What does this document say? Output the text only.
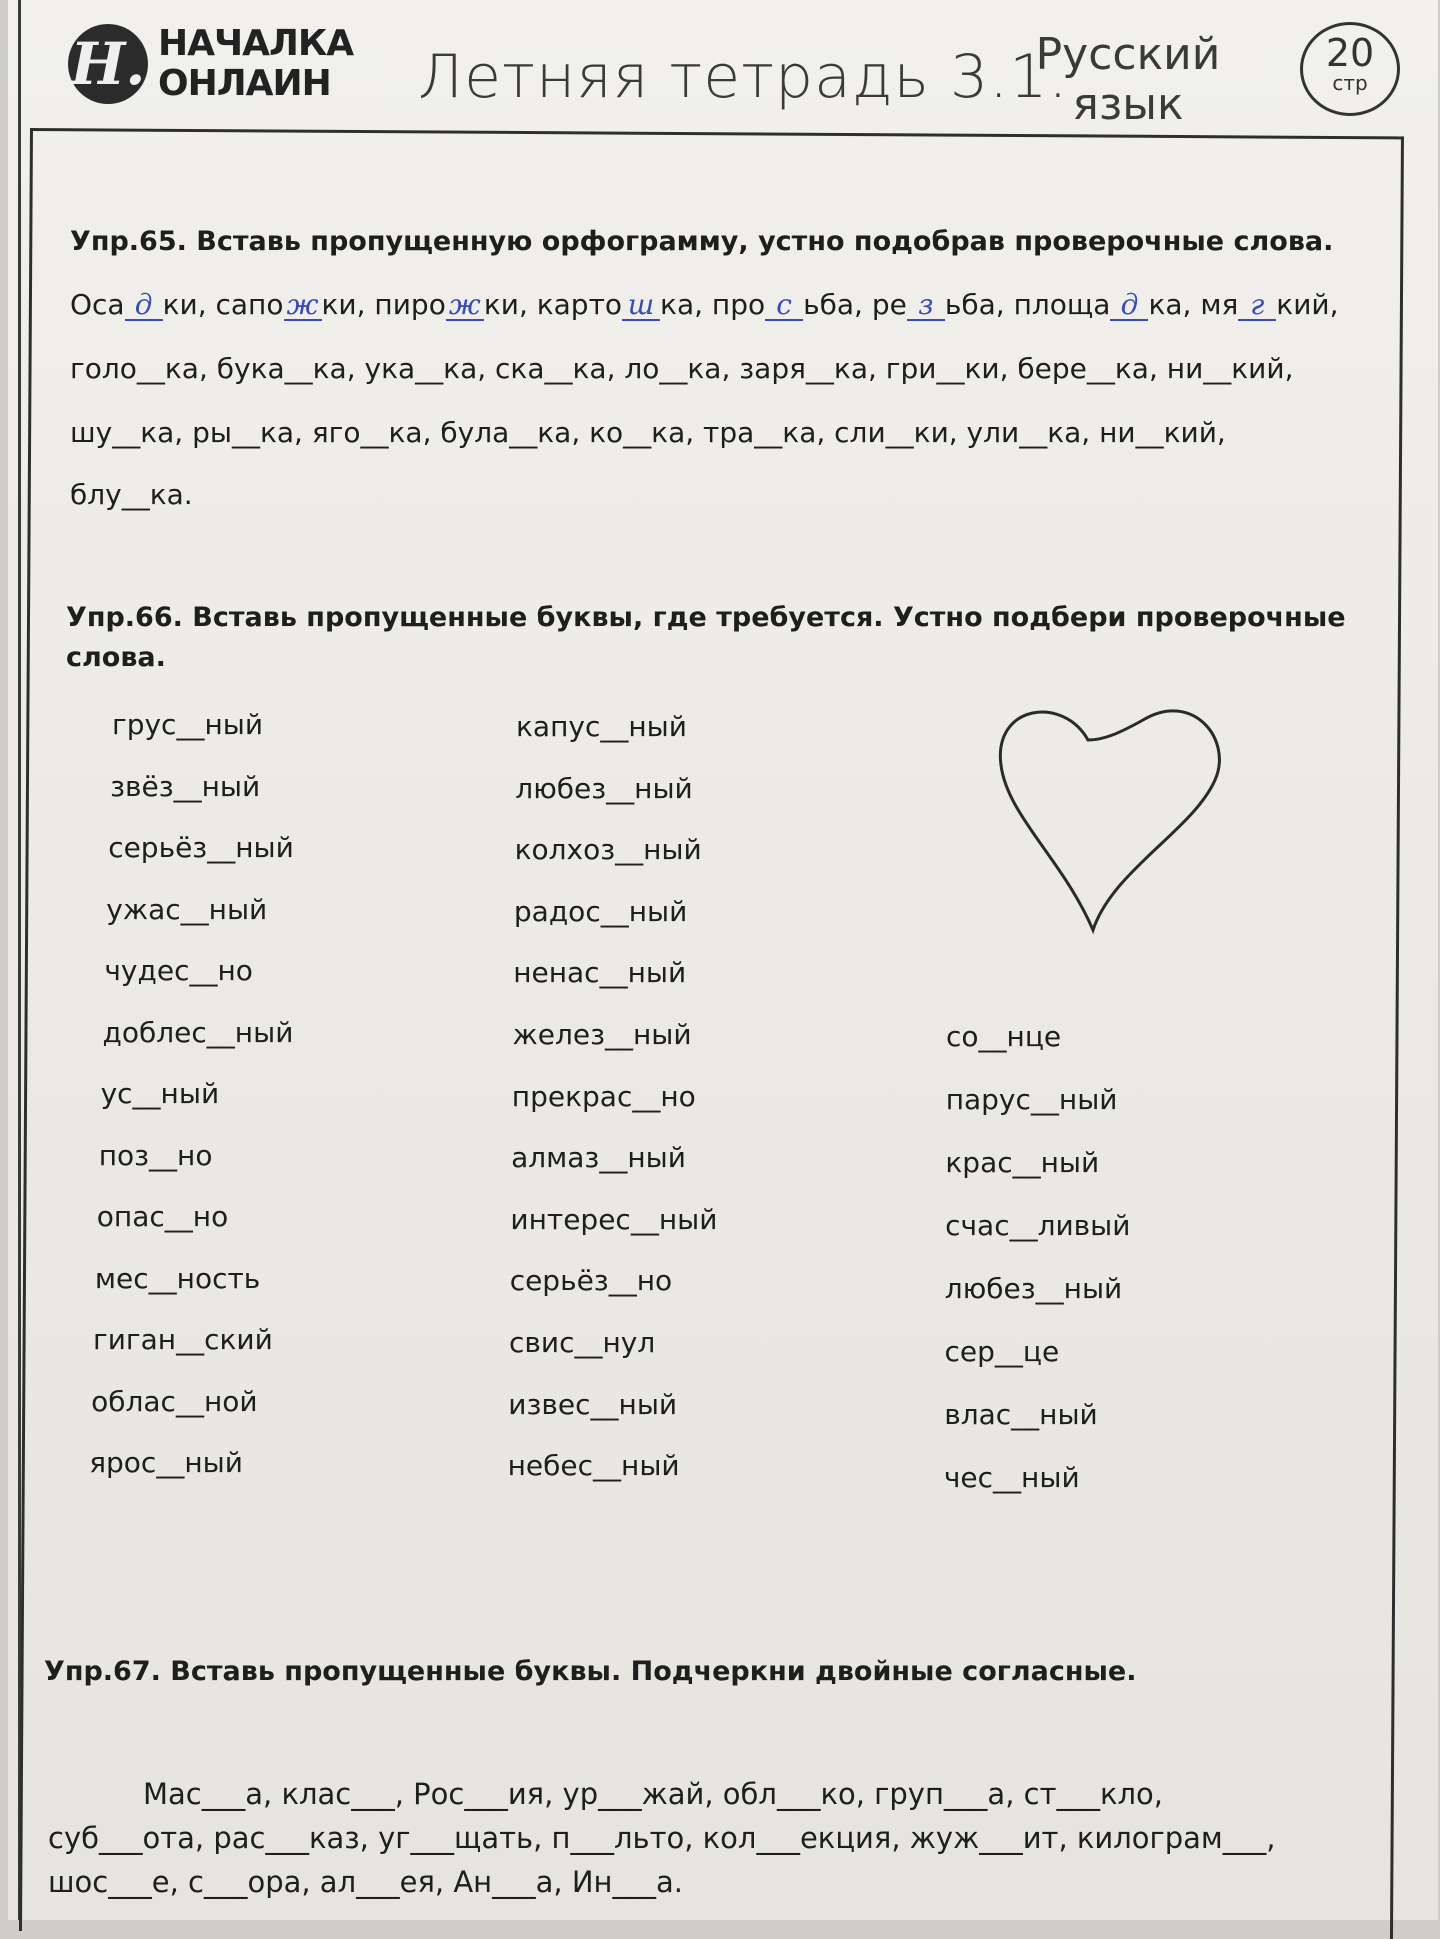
Н. НАЧАЛКА
ОНЛАИН	Летняя тетрадь 3.1.
Русский
язык
20
стр
Упр.65. Вставь пропущенную орфограмму, устно подобрав проверочные слова.
Оса д ки, сапо ж ки, пиро ж ки, карто ш ка, про с ьба, ре з ьба, площа д ка, мя г кий,
голо__ка, бука__ка, ука__ка, ска__ка, ло__ка, заря__ка, гри__ки, бере__ка, ни__кий,
шу__ка, ры__ка, яго__ка, була__ка, ко__ка, тра__ка, сли__ки, ули__ка, ни__кий,
блу__ка.
Упр.66. Вставь пропущенные буквы, где требуется. Устно подбери проверочные
слова.
грус__ный
звёз__ный
серьёз__ный
ужас__ный
чудес__но
доблес__ный
ус__ный
поз__но
опас__но
мес__ность
гиган__ский
облас__ной
ярос__ный
капус__ный
любез__ный
колхоз__ный
радос__ный
ненас__ный
желез__ный
прекрас__но
алмаз__ный
интерес__ный
серьёз__но
свис__нул
извес__ный
небес__ный
со__нце
парус__ный
крас__ный
счас__ливый
любез__ный
сер__це
влас__ный
чес__ный
Упр.67. Вставь пропущенные буквы. Подчеркни двойные согласные.
Мас___а, клас___, Рос___ия, ур___жай, обл___ко, груп___а, ст___кло,
суб___ота, рас___каз, уг___щать, п___льто, кол___екция, жуж___ит, килограм___,
шос___е, с___ора, ал___ея, Ан___а, Ин___а.
